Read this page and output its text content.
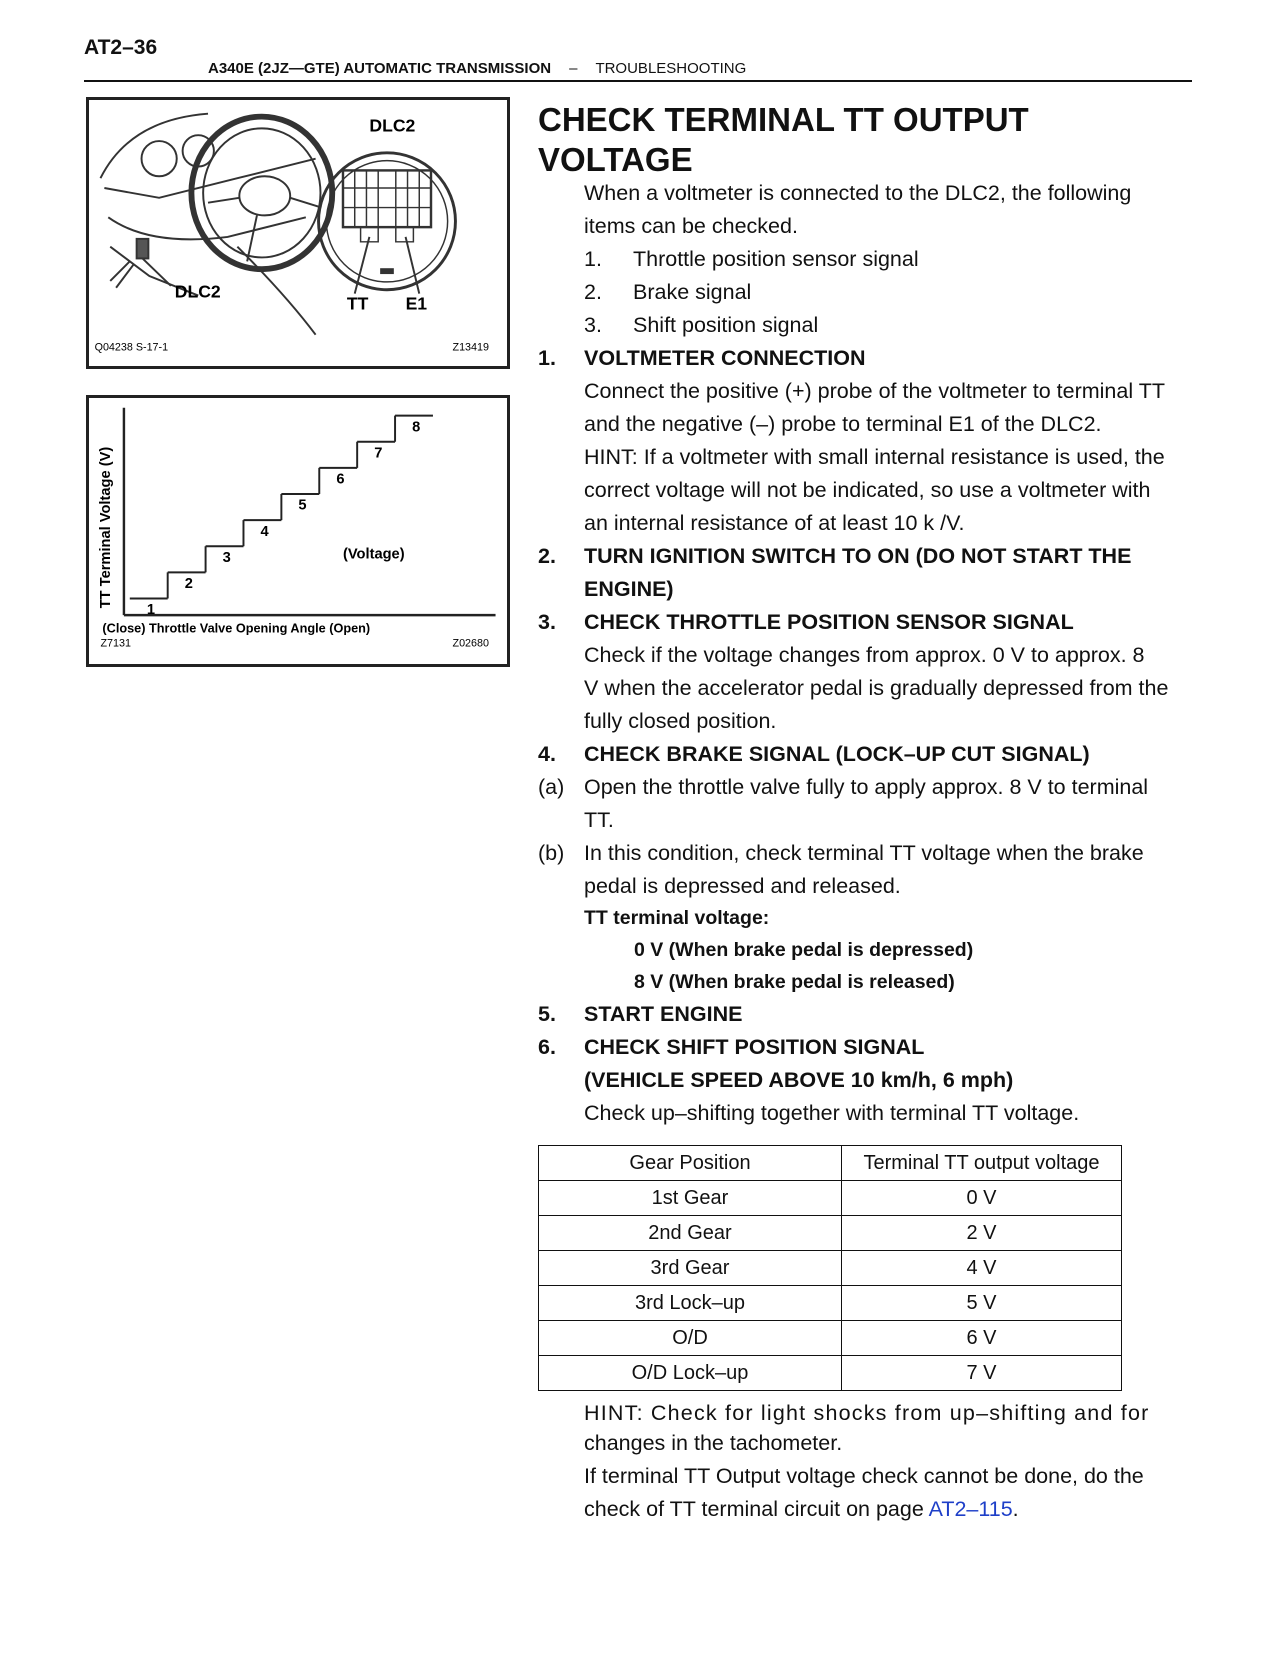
AT2–36
A340E (2JZ—GTE) AUTOMATIC TRANSMISSION – TROUBLESHOOTING
DLC2
DLC2
TT E1
Q04238 S-17-1	Z13419
TT Terminal Voltage (V)
(Close) Throttle Valve Opening Angle (Open)
(Voltage)
Z7131	Z02680
1
2
3
4
5
6
7
8
CHECK TERMINAL TT OUTPUT
VOLTAGE
When a voltmeter is connected to the DLC2, the following
items can be checked.
1. Throttle position sensor signal
2. Brake signal
3. Shift position signal
1. VOLTMETER CONNECTION
Connect the positive (+) probe of the voltmeter to terminal TT
and the negative (–) probe to terminal E1 of the DLC2.
HINT: If a voltmeter with small internal resistance is used, the
correct voltage will not be indicated, so use a voltmeter with
an internal resistance of at least 10 k /V.
2. TURN IGNITION SWITCH TO ON (DO NOT START THE
ENGINE)
3. CHECK THROTTLE POSITION SENSOR SIGNAL
Check if the voltage changes from approx. 0 V to approx. 8
V when the accelerator pedal is gradually depressed from the
fully closed position.
4. CHECK BRAKE SIGNAL (LOCK–UP CUT SIGNAL)
(a) Open the throttle valve fully to apply approx. 8 V to terminal
TT.
(b) In this condition, check terminal TT voltage when the brake
pedal is depressed and released.
TT terminal voltage:
0 V (When brake pedal is depressed)
8 V (When brake pedal is released)
5. START ENGINE
6. CHECK SHIFT POSITION SIGNAL
(VEHICLE SPEED ABOVE 10 km/h, 6 mph)
Check up–shifting together with terminal TT voltage.
Gear Position	Terminal TT output voltage
1st Gear	0 V
2nd Gear	2 V
3rd Gear	4 V
3rd Lock–up	5 V
O/D	6 V
O/D Lock–up	7 V
HINT: Check for light shocks from up–shifting and for
changes in the tachometer.
If terminal TT Output voltage check cannot be done, do the
check of TT terminal circuit on page AT2–115.
